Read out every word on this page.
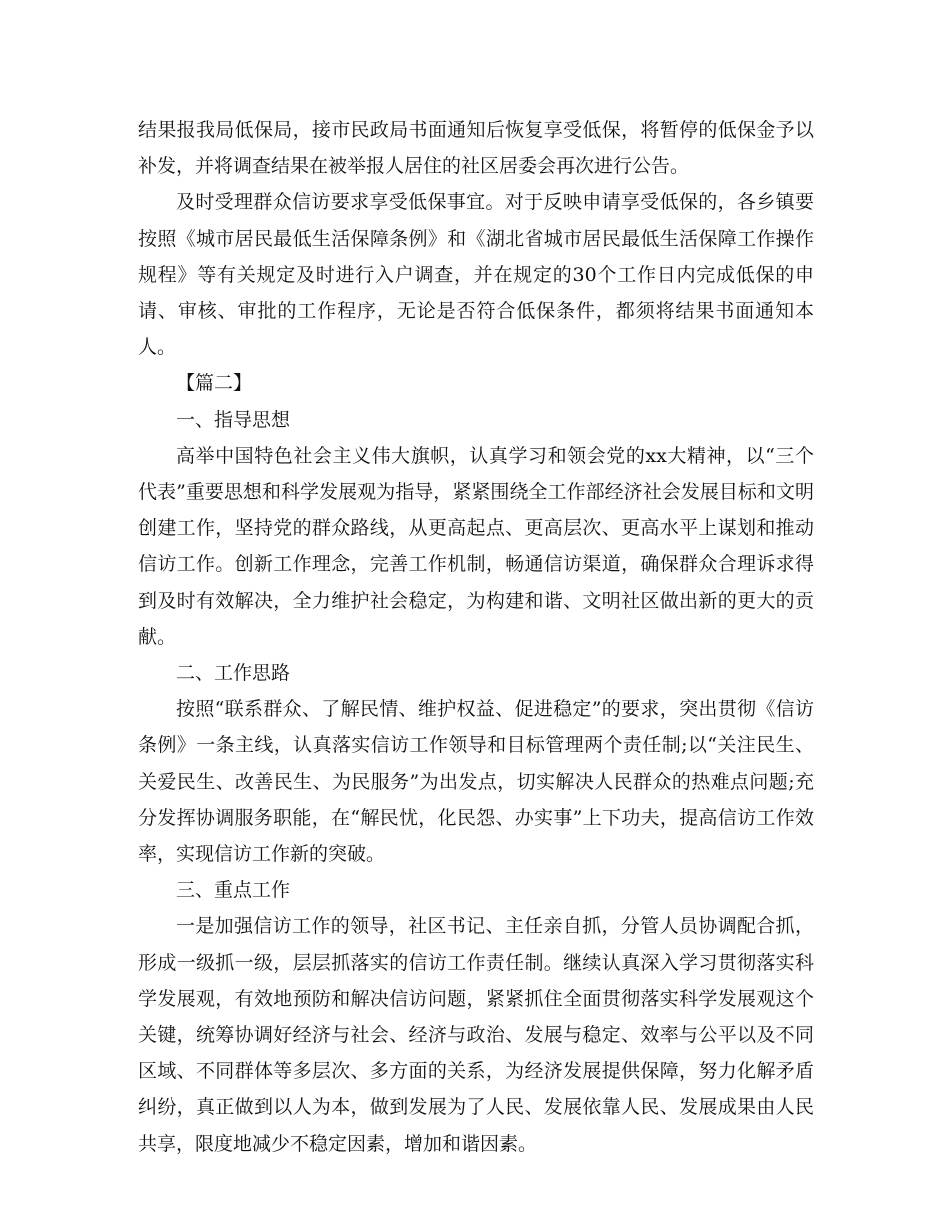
结果报我局低保局，接市民政局书面通知后恢复享受低保，将暂停的低保金予以补发，并将调查结果在被举报人居住的社区居委会再次进行公告。

及时受理群众信访要求享受低保事宜。对于反映申请享受低保的，各乡镇要按照《城市居民最低生活保障条例》和《湖北省城市居民最低生活保障工作操作规程》等有关规定及时进行入户调查，并在规定的30个工作日内完成低保的申请、审核、审批的工作程序，无论是否符合低保条件，都须将结果书面通知本人。

【篇二】

一、指导思想

高举中国特色社会主义伟大旗帜，认真学习和领会党的xx大精神，以“三个代表”重要思想和科学发展观为指导，紧紧围绕全工作部经济社会发展目标和文明创建工作，坚持党的群众路线，从更高起点、更高层次、更高水平上谋划和推动信访工作。创新工作理念，完善工作机制，畅通信访渠道，确保群众合理诉求得到及时有效解决，全力维护社会稳定，为构建和谐、文明社区做出新的更大的贡献。

二、工作思路

按照“联系群众、了解民情、维护权益、促进稳定”的要求，突出贯彻《信访条例》一条主线，认真落实信访工作领导和目标管理两个责任制;以“关注民生、关爱民生、改善民生、为民服务”为出发点，切实解决人民群众的热难点问题;充分发挥协调服务职能，在“解民忧，化民怨、办实事”上下功夫，提高信访工作效率，实现信访工作新的突破。

三、重点工作

一是加强信访工作的领导，社区书记、主任亲自抓，分管人员协调配合抓，形成一级抓一级，层层抓落实的信访工作责任制。继续认真深入学习贯彻落实科学发展观，有效地预防和解决信访问题，紧紧抓住全面贯彻落实科学发展观这个关键，统筹协调好经济与社会、经济与政治、发展与稳定、效率与公平以及不同区域、不同群体等多层次、多方面的关系，为经济发展提供保障，努力化解矛盾纠纷，真正做到以人为本，做到发展为了人民、发展依靠人民、发展成果由人民共享，限度地减少不稳定因素，增加和谐因素。
